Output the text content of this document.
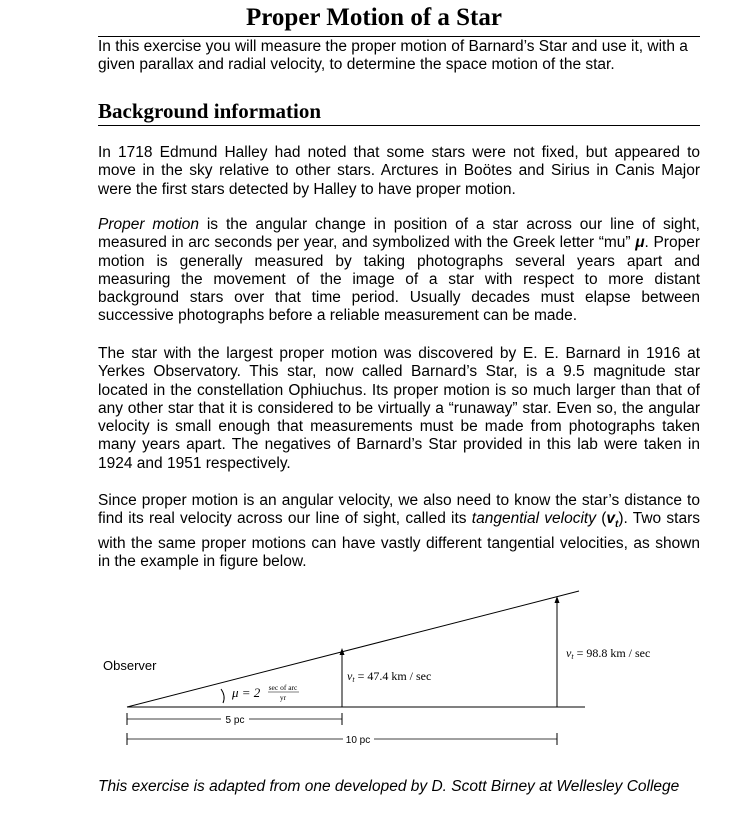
Proper Motion of a Star
In this exercise you will measure the proper motion of Barnard’s Star and use it, with a given parallax and radial velocity, to determine the space motion of the star.
Background information

In 1718 Edmund Halley had noted that some stars were not fixed, but appeared to move in the sky relative to other stars. Arctures in Boötes and Sirius in Canis Major were the first stars detected by Halley to have proper motion.

Proper motion is the angular change in position of a star across our line of sight, measured in arc seconds per year, and symbolized with the Greek letter “mu” μ. Proper motion is generally measured by taking photographs several years apart and measuring the movement of the image of a star with respect to more distant background stars over that time period. Usually decades must elapse between successive photographs before a reliable measurement can be made.

The star with the largest proper motion was discovered by E. E. Barnard in 1916 at Yerkes Observatory. This star, now called Barnard’s Star, is a 9.5 magnitude star located in the constellation Ophiuchus. Its proper motion is so much larger than that of any other star that it is considered to be virtually a “runaway” star. Even so, the angular velocity is small enough that measurements must be made from photographs taken many years apart. The negatives of Barnard’s Star provided in this lab were taken in 1924 and 1951 respectively.

Since proper motion is an angular velocity, we also need to know the star’s distance to find its real velocity across our line of sight, called its tangential velocity $(v_t)$. Two stars with the same proper motions can have vastly different tangential velocities, as shown in the example in figure below.

5 pc
10 pc
Observer
μ = 2 sec of arc
yr
vt = 47.4 km / sec
vt = 98.8 km / sec
This exercise is adapted from one developed by D. Scott Birney at Wellesley College
